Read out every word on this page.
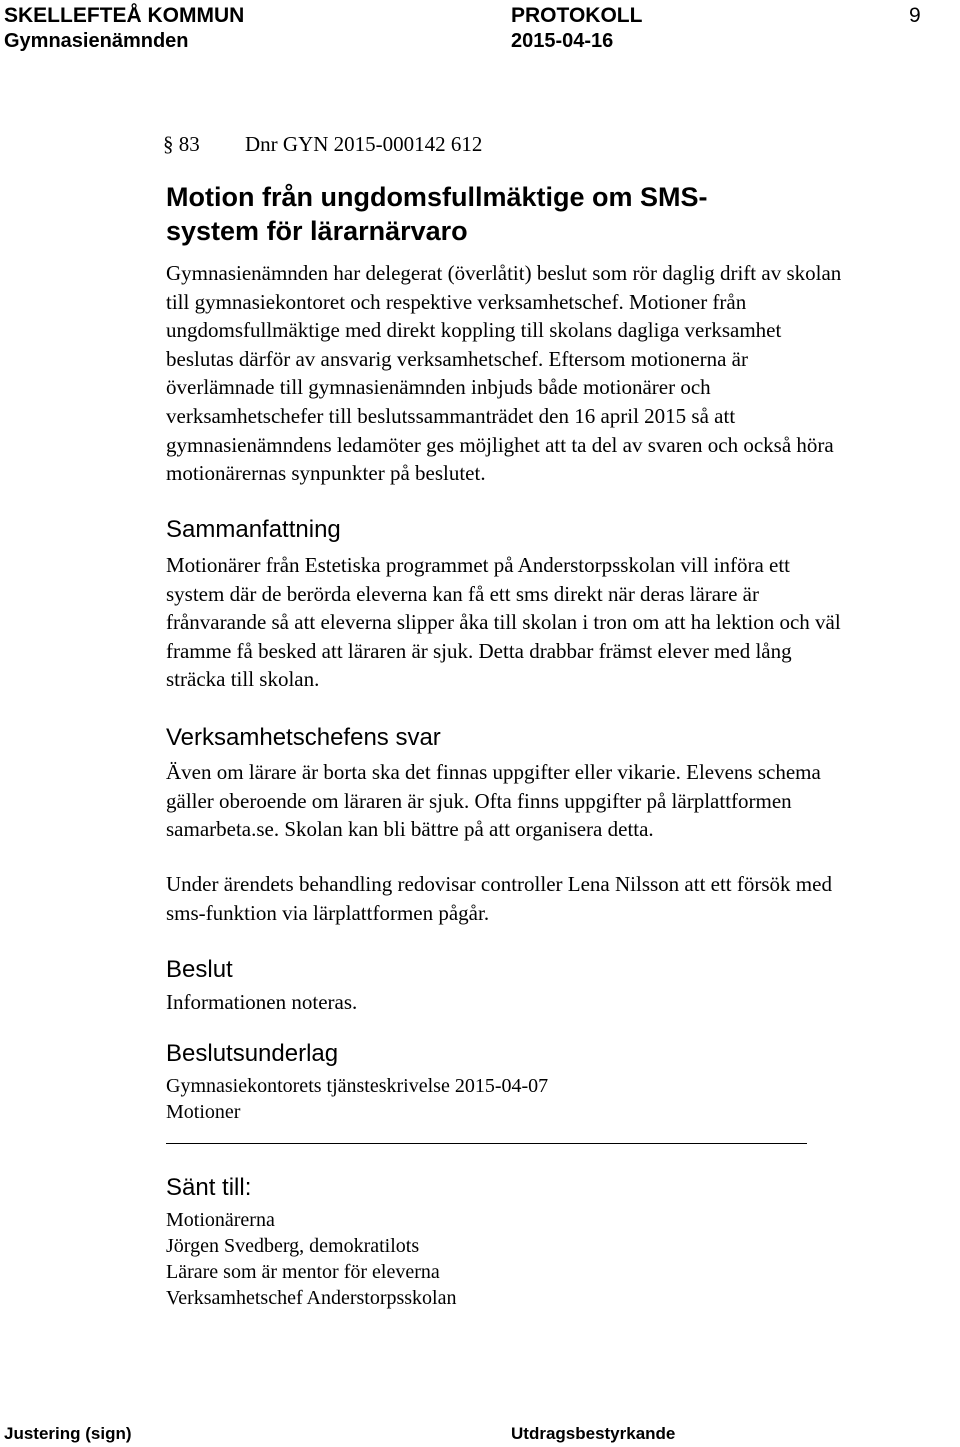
SKELLEFTEÅ KOMMUN	PROTOKOLL	9
Gymnasienämnden	2015-04-16
§ 83 Dnr GYN 2015-000142 612
Motion från ungdomsfullmäktige om SMS-
system för lärarnärvaro
Gymnasienämnden har delegerat (överlåtit) beslut som rör daglig drift av skolan
till gymnasiekontoret och respektive verksamhetschef. Motioner från
ungdomsfullmäktige med direkt koppling till skolans dagliga verksamhet
beslutas därför av ansvarig verksamhetschef. Eftersom motionerna är
överlämnade till gymnasienämnden inbjuds både motionärer och
verksamhetschefer till beslutssammanträdet den 16 april 2015 så att
gymnasienämndens ledamöter ges möjlighet att ta del av svaren och också höra
motionärernas synpunkter på beslutet.
Sammanfattning
Motionärer från Estetiska programmet på Anderstorpsskolan vill införa ett
system där de berörda eleverna kan få ett sms direkt när deras lärare är
frånvarande så att eleverna slipper åka till skolan i tron om att ha lektion och väl
framme få besked att läraren är sjuk. Detta drabbar främst elever med lång
sträcka till skolan.
Verksamhetschefens svar
Även om lärare är borta ska det finnas uppgifter eller vikarie. Elevens schema
gäller oberoende om läraren är sjuk. Ofta finns uppgifter på lärplattformen
samarbeta.se. Skolan kan bli bättre på att organisera detta.
Under ärendets behandling redovisar controller Lena Nilsson att ett försök med
sms-funktion via lärplattformen pågår.
Beslut
Informationen noteras.
Beslutsunderlag
Gymnasiekontorets tjänsteskrivelse 2015-04-07
Motioner
Sänt till:
Motionärerna
Jörgen Svedberg, demokratilots
Lärare som är mentor för eleverna
Verksamhetschef Anderstorpsskolan
Justering (sign)	Utdragsbestyrkande
